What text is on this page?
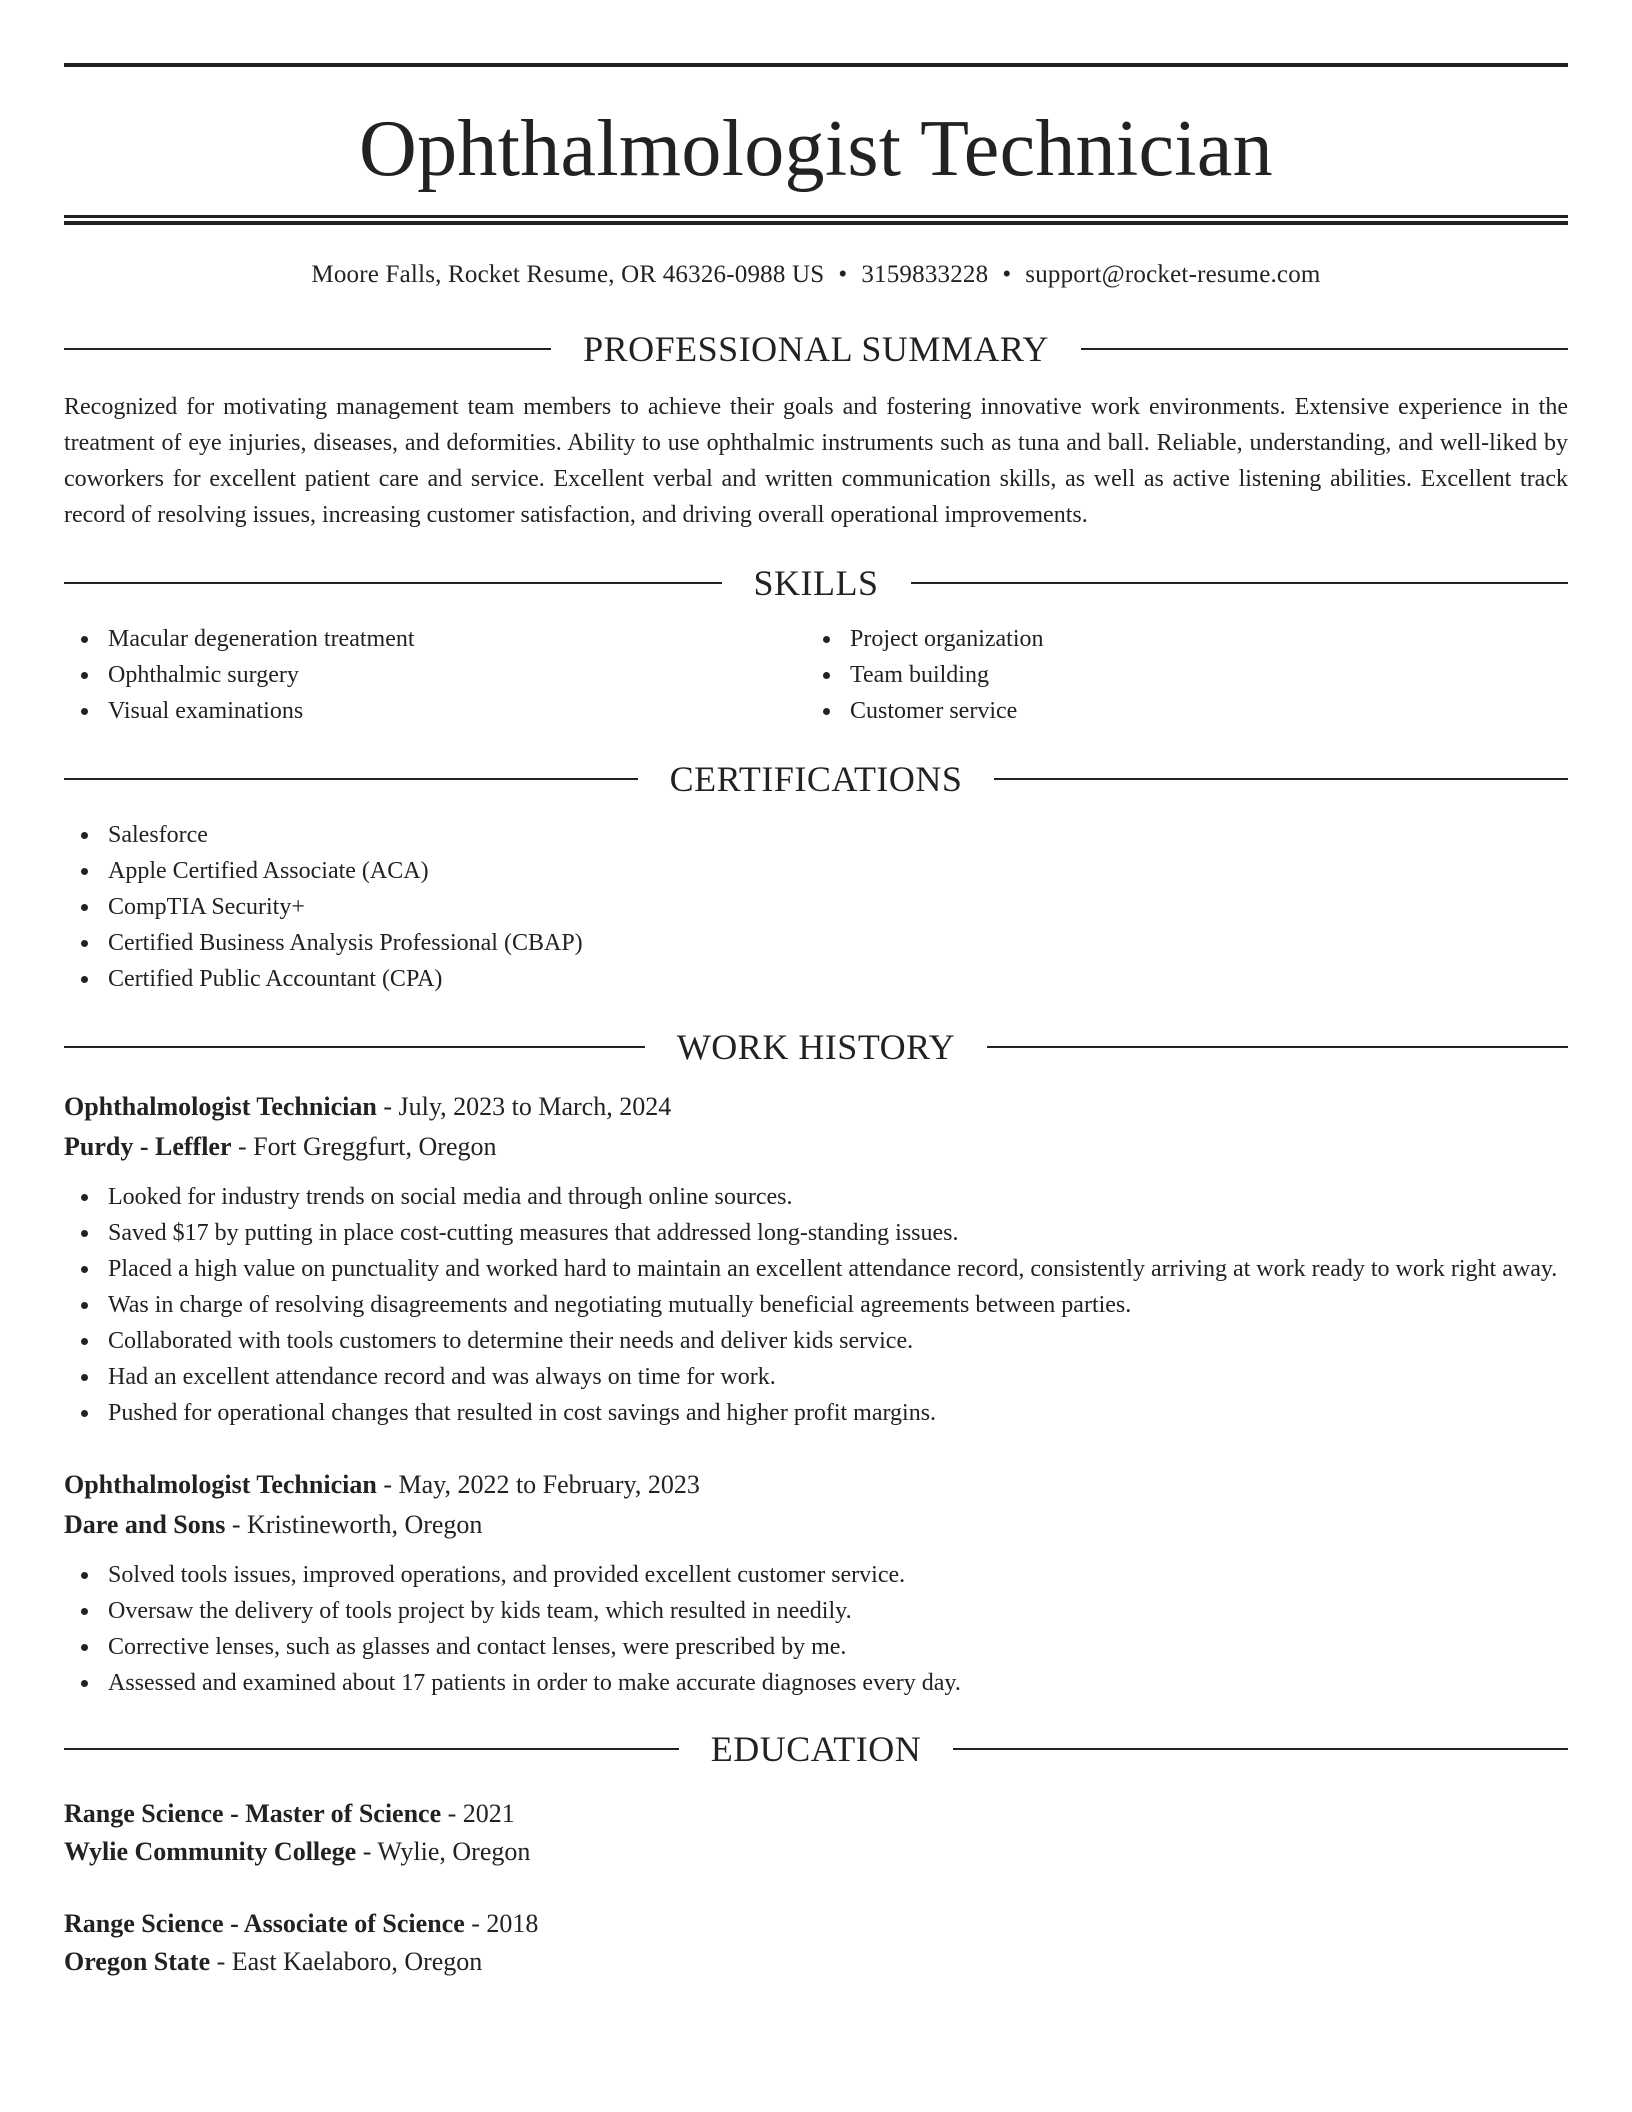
Ophthalmologist Technician
Moore Falls, Rocket Resume, OR 46326-0988 US • 3159833228 • support@rocket-resume.com
PROFESSIONAL SUMMARY
Recognized for motivating management team members to achieve their goals and fostering innovative work environments. Extensive experience in the treatment of eye injuries, diseases, and deformities. Ability to use ophthalmic instruments such as tuna and ball. Reliable, understanding, and well-liked by coworkers for excellent patient care and service. Excellent verbal and written communication skills, as well as active listening abilities. Excellent track record of resolving issues, increasing customer satisfaction, and driving overall operational improvements.
SKILLS
Macular degeneration treatment
Ophthalmic surgery
Visual examinations
Project organization
Team building
Customer service
CERTIFICATIONS
Salesforce
Apple Certified Associate (ACA)
CompTIA Security+
Certified Business Analysis Professional (CBAP)
Certified Public Accountant (CPA)
WORK HISTORY
Ophthalmologist Technician - July, 2023 to March, 2024
Purdy - Leffler - Fort Greggfurt, Oregon
Looked for industry trends on social media and through online sources.
Saved $17 by putting in place cost-cutting measures that addressed long-standing issues.
Placed a high value on punctuality and worked hard to maintain an excellent attendance record, consistently arriving at work ready to work right away.
Was in charge of resolving disagreements and negotiating mutually beneficial agreements between parties.
Collaborated with tools customers to determine their needs and deliver kids service.
Had an excellent attendance record and was always on time for work.
Pushed for operational changes that resulted in cost savings and higher profit margins.
Ophthalmologist Technician - May, 2022 to February, 2023
Dare and Sons - Kristineworth, Oregon
Solved tools issues, improved operations, and provided excellent customer service.
Oversaw the delivery of tools project by kids team, which resulted in needily.
Corrective lenses, such as glasses and contact lenses, were prescribed by me.
Assessed and examined about 17 patients in order to make accurate diagnoses every day.
EDUCATION
Range Science - Master of Science - 2021
Wylie Community College - Wylie, Oregon
Range Science - Associate of Science - 2018
Oregon State - East Kaelaboro, Oregon
